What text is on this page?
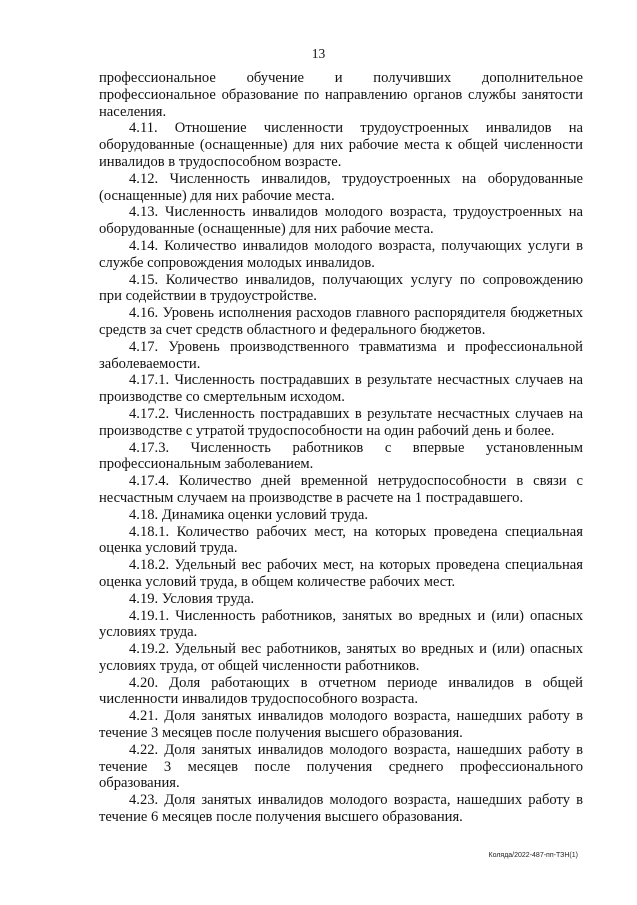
13

профессиональное обучение и получивших дополнительное профессиональное образование по направлению органов службы занятости населения.

4.11. Отношение численности трудоустроенных инвалидов на оборудованные (оснащенные) для них рабочие места к общей численности инвалидов в трудоспособном возрасте.

4.12. Численность инвалидов, трудоустроенных на оборудованные (оснащенные) для них рабочие места.

4.13. Численность инвалидов молодого возраста, трудоустроенных на оборудованные (оснащенные) для них рабочие места.

4.14. Количество инвалидов молодого возраста, получающих услуги в службе сопровождения молодых инвалидов.

4.15. Количество инвалидов, получающих услугу по сопровождению при содействии в трудоустройстве.

4.16. Уровень исполнения расходов главного распорядителя бюджетных средств за счет средств областного и федерального бюджетов.

4.17. Уровень производственного травматизма и профессиональной заболеваемости.

4.17.1. Численность пострадавших в результате несчастных случаев на производстве со смертельным исходом.

4.17.2. Численность пострадавших в результате несчастных случаев на производстве с утратой трудоспособности на один рабочий день и более.

4.17.3. Численность работников с впервые установленным профессиональным заболеванием.

4.17.4. Количество дней временной нетрудоспособности в связи с несчастным случаем на производстве в расчете на 1 пострадавшего.

4.18. Динамика оценки условий труда.

4.18.1. Количество рабочих мест, на которых проведена специальная оценка условий труда.

4.18.2. Удельный вес рабочих мест, на которых проведена специальная оценка условий труда, в общем количестве рабочих мест.

4.19. Условия труда.

4.19.1. Численность работников, занятых во вредных и (или) опасных условиях труда.

4.19.2. Удельный вес работников, занятых во вредных и (или) опасных условиях труда, от общей численности работников.

4.20. Доля работающих в отчетном периоде инвалидов в общей численности инвалидов трудоспособного возраста.

4.21. Доля занятых инвалидов молодого возраста, нашедших работу в течение 3 месяцев после получения высшего образования.

4.22. Доля занятых инвалидов молодого возраста, нашедших работу в течение 3 месяцев после получения среднего профессионального образования.

4.23. Доля занятых инвалидов молодого возраста, нашедших работу в течение 6 месяцев после получения высшего образования.

Коляда/2022-487-пп-ТЗН(1)
